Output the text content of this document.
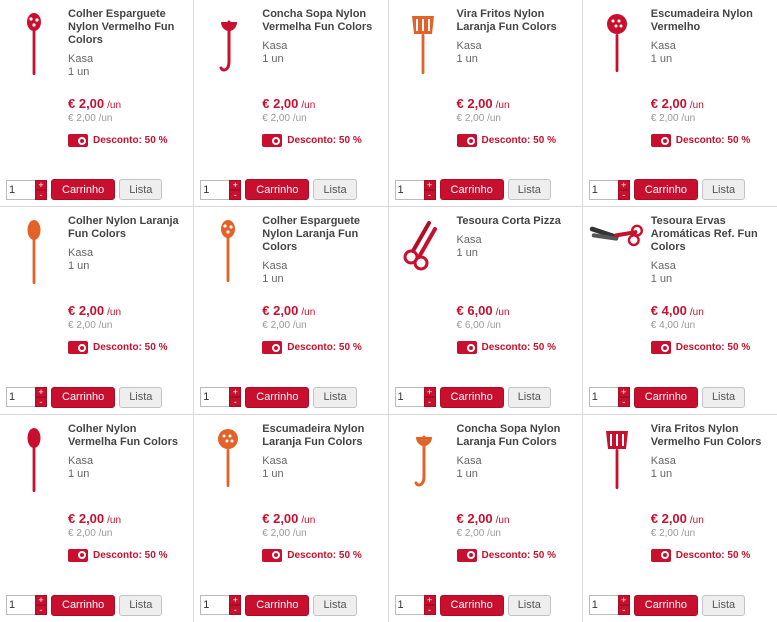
Colher Esparguete Nylon Vermelho Fun Colors
Kasa
1 un
€ 2,00 /un
€ 2,00 /un
Desconto: 50 %
1
+
-	Carrinho	Lista
Concha Sopa Nylon Vermelha Fun Colors
Kasa
1 un
€ 2,00 /un
€ 2,00 /un
Desconto: 50 %
1
+
-	Carrinho	Lista
Vira Fritos Nylon Laranja Fun Colors
Kasa
1 un
€ 2,00 /un
€ 2,00 /un
Desconto: 50 %
1
+
-	Carrinho	Lista
Escumadeira Nylon Vermelho
Kasa
1 un
€ 2,00 /un
€ 2,00 /un
Desconto: 50 %
1
+
-	Carrinho	Lista
Colher Nylon Laranja Fun Colors
Kasa
1 un
€ 2,00 /un
€ 2,00 /un
Desconto: 50 %
1
+
-	Carrinho	Lista
Colher Esparguete Nylon Laranja Fun Colors
Kasa
1 un
€ 2,00 /un
€ 2,00 /un
Desconto: 50 %
1
+
-	Carrinho	Lista
Tesoura Corta Pizza
Kasa
1 un
€ 6,00 /un
€ 6,00 /un
Desconto: 50 %
1
+
-	Carrinho	Lista
Tesoura Ervas Aromáticas Ref. Fun Colors
Kasa
1 un
€ 4,00 /un
€ 4,00 /un
Desconto: 50 %
1
+
-	Carrinho	Lista
Colher Nylon Vermelha Fun Colors
Kasa
1 un
€ 2,00 /un
€ 2,00 /un
Desconto: 50 %
1
+
-	Carrinho	Lista
Escumadeira Nylon Laranja Fun Colors
Kasa
1 un
€ 2,00 /un
€ 2,00 /un
Desconto: 50 %
1
+
-	Carrinho	Lista
Concha Sopa Nylon Laranja Fun Colors
Kasa
1 un
€ 2,00 /un
€ 2,00 /un
Desconto: 50 %
1
+
-	Carrinho	Lista
Vira Fritos Nylon Vermelho Fun Colors
Kasa
1 un
€ 2,00 /un
€ 2,00 /un
Desconto: 50 %
1
+
-	Carrinho	Lista
